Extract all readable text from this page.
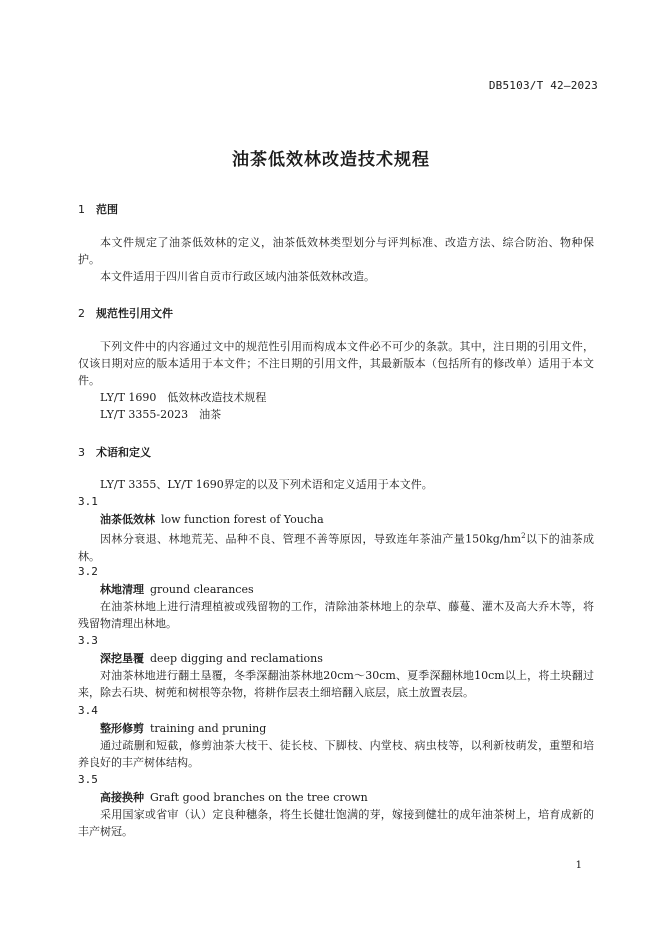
DB5103/T 42—2023
油茶低效林改造技术规程
1 范围
本文件规定了油茶低效林的定义，油茶低效林类型划分与评判标准、改造方法、综合防治、物种保护。
本文件适用于四川省自贡市行政区域内油茶低效林改造。
2 规范性引用文件
下列文件中的内容通过文中的规范性引用而构成本文件必不可少的条款。其中，注日期的引用文件，仅该日期对应的版本适用于本文件；不注日期的引用文件，其最新版本（包括所有的修改单）适用于本文件。
LY/T 1690　低效林改造技术规程
LY/T 3355-2023　油茶
3 术语和定义
LY/T 3355、LY/T 1690界定的以及下列术语和定义适用于本文件。
3.1
油茶低效林 low function forest of Youcha
因林分衰退、林地荒芜、品种不良、管理不善等原因，导致连年茶油产量$150kg/hm^2$以下的油茶成林。
3.2
林地清理 ground clearances
在油茶林地上进行清理植被或残留物的工作，清除油茶林地上的杂草、藤蔓、灌木及高大乔木等，将残留物清理出林地。
3.3
深挖垦覆 deep digging and reclamations
对油茶林地进行翻土垦覆，冬季深翻油茶林地20cm～30cm、夏季深翻林地10cm以上，将土块翻过来，除去石块、树蔸和树根等杂物，将耕作层表土细培翻入底层，底土放置表层。
3.4
整形修剪 training and pruning
通过疏删和短截，修剪油茶大枝干、徒长枝、下脚枝、内堂枝、病虫枝等，以利新枝萌发，重塑和培养良好的丰产树体结构。
3.5
高接换种 Graft good branches on the tree crown
采用国家或省审（认）定良种穗条，将生长健壮饱满的芽，嫁接到健壮的成年油茶树上，培育成新的丰产树冠。
1
